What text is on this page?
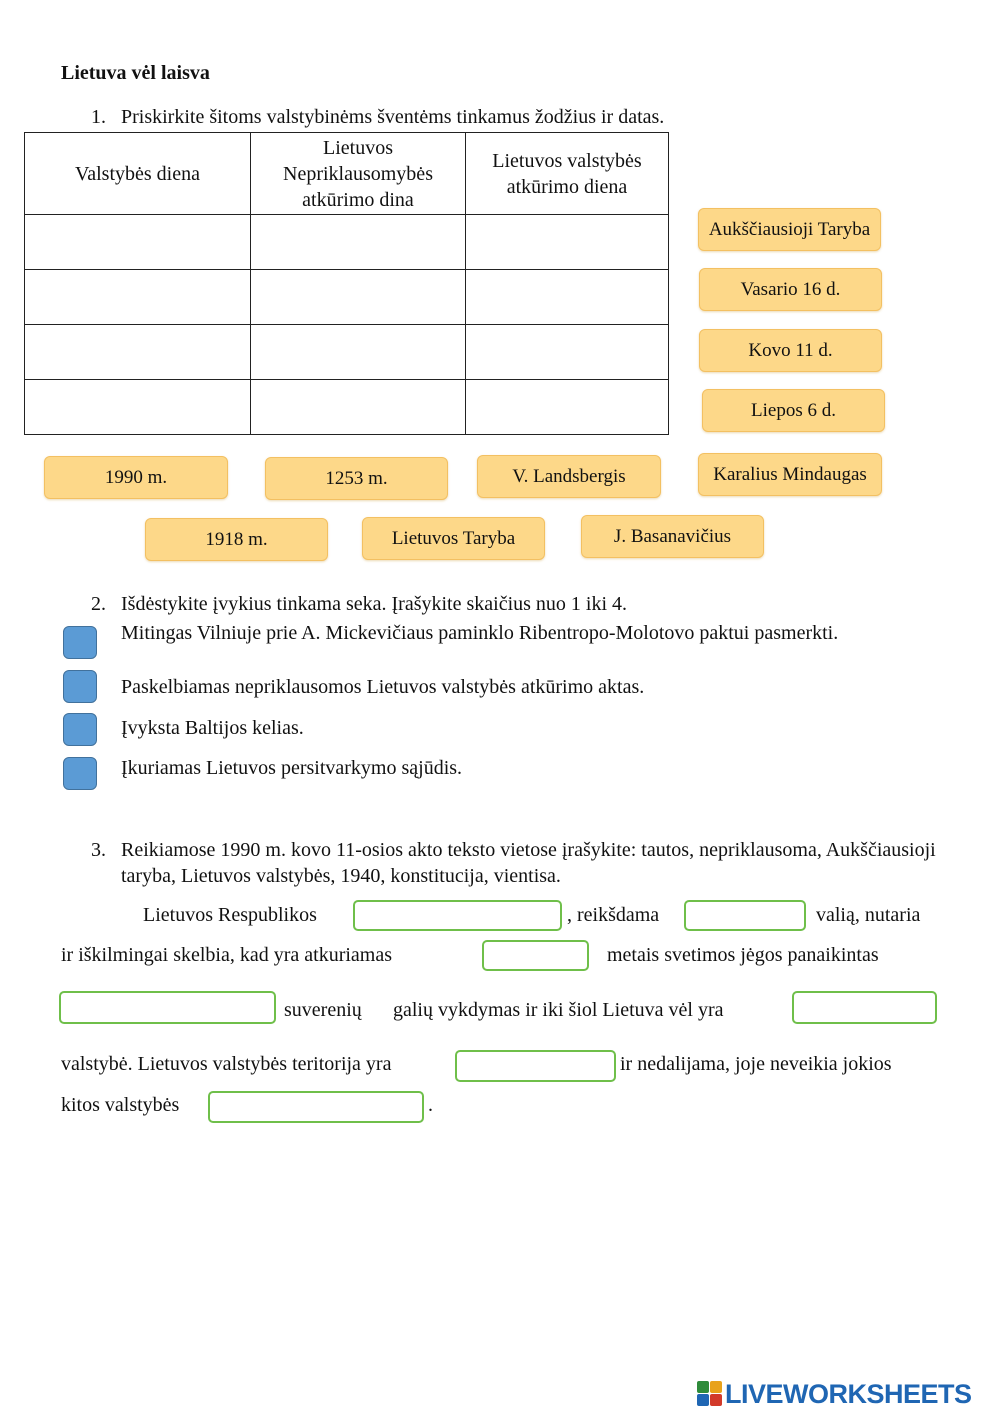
Lietuva vėl laisva
1. Priskirkite šitoms valstybinėms šventėms tinkamus žodžius ir datas.
Valstybės diena	Lietuvos Nepriklausomybės atkūrimo dina	Lietuvos valstybės atkūrimo diena

Aukščiausioji Taryba
Vasario 16 d.
Kovo 11 d.
Liepos 6 d.
1990 m.	1253 m.	V. Landsbergis	Karalius Mindaugas
1918 m.	Lietuvos Taryba	J. Basanavičius
2. Išdėstykite įvykius tinkama seka. Įrašykite skaičius nuo 1 iki 4.
Mitingas Vilniuje prie A. Mickevičiaus paminklo Ribentropo-Molotovo paktui pasmerkti.
Paskelbiamas nepriklausomos Lietuvos valstybės atkūrimo aktas.
Įvyksta Baltijos kelias.
Įkuriamas Lietuvos persitvarkymo sąjūdis.
3. Reikiamose 1990 m. kovo 11-osios akto teksto vietose įrašykite: tautos, nepriklausoma, Aukščiausioji taryba, Lietuvos valstybės, 1940, konstitucija, vientisa.
Lietuvos Respublikos	, reikšdama	valią, nutaria
ir iškilmingai skelbia, kad yra atkuriamas	metais svetimos jėgos panaikintas
suverenių galių vykdymas ir iki šiol Lietuva vėl yra
valstybė. Lietuvos valstybės teritorija yra	ir nedalijama, joje neveikia jokios
kitos valstybės	.
LIVEWORKSHEETS
